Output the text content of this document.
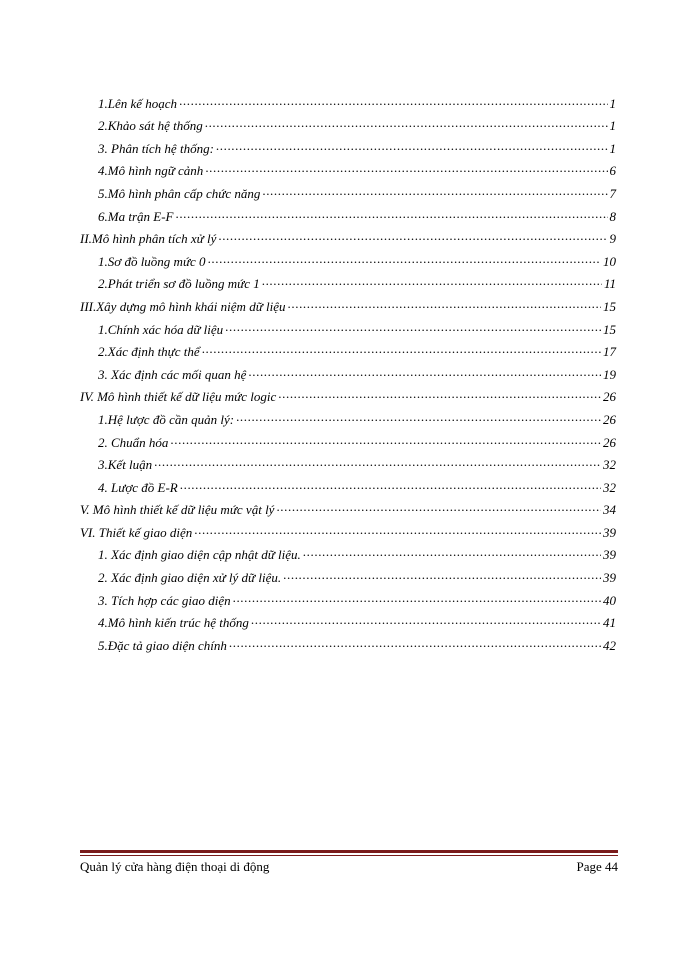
1.Lên kế hoạch .....	1
2.Khảo sát hệ thống .....	1
3. Phân tích hệ thống: .....	1
4.Mô hình ngữ cảnh .....	6
5.Mô hình phân cấp chức năng .....	7
6.Ma trận E-F .....	8
II.Mô hình phân tích xử lý .....	9
1.Sơ đồ luồng mức 0 .....	10
2.Phát triển sơ đồ luồng mức 1 .....	11
III.Xây dựng mô hình khái niệm dữ liệu .....	15
1.Chính xác hóa dữ liệu .....	15
2.Xác định thực thể .....	17
3. Xác định các mối quan hệ .....	19
IV. Mô hình thiết kế dữ liệu mức logic .....	26
1.Hệ lược đồ cần quản lý: .....	26
2. Chuẩn hóa .....	26
3.Kết luận .....	32
4. Lược đồ E-R .....	32
V. Mô hình thiết kế dữ liệu mức vật lý .....	34
VI. Thiết kế giao diện .....	39
1. Xác định giao diện cập nhật dữ liệu. .....	39
2. Xác định giao diện xử lý dữ liệu. .....	39
3. Tích hợp các giao diện .....	40
4.Mô hình kiến trúc hệ thống .....	41
5.Đặc tả giao diện chính .....	42
Quản lý cửa hàng điện thoại di động	Page 44
